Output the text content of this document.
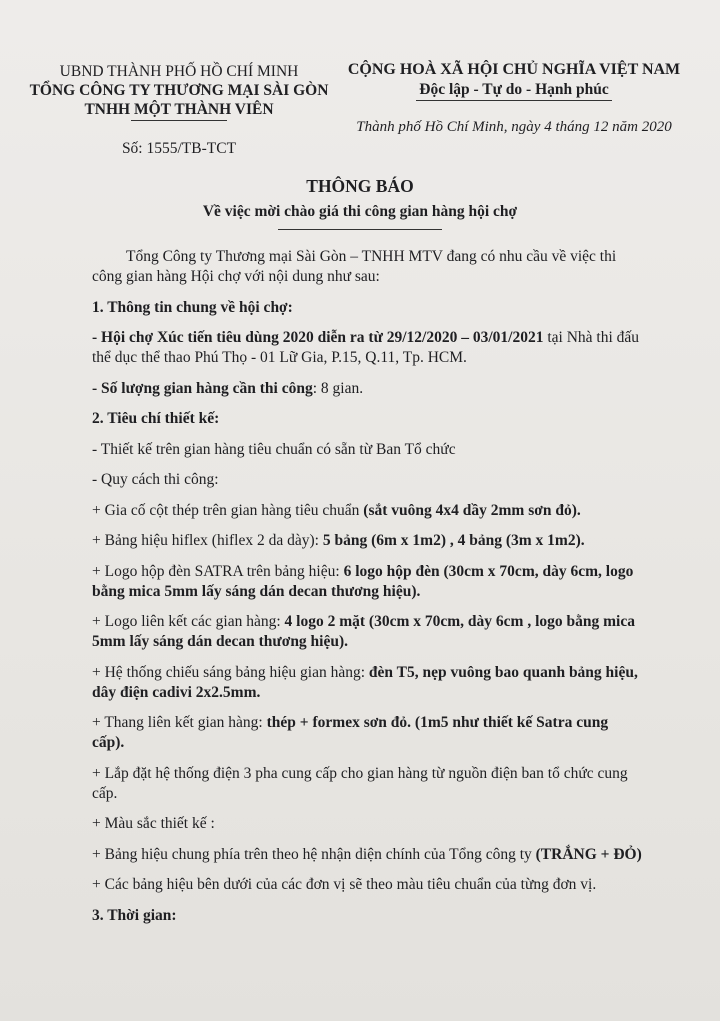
UBND THÀNH PHỐ HỒ CHÍ MINH
TỔNG CÔNG TY THƯƠNG MẠI SÀI GÒN
TNHH MỘT THÀNH VIÊN
Số: 1555/TB-TCT
CỘNG HOÀ XÃ HỘI CHỦ NGHĨA VIỆT NAM
Độc lập - Tự do - Hạnh phúc
Thành phố Hồ Chí Minh, ngày 4 tháng 12 năm 2020
THÔNG BÁO
Về việc mời chào giá thi công gian hàng hội chợ

Tổng Công ty Thương mại Sài Gòn – TNHH MTV đang có nhu cầu về việc thi công gian hàng Hội chợ với nội dung như sau:

1. Thông tin chung về hội chợ:

- Hội chợ Xúc tiến tiêu dùng 2020 diễn ra từ 29/12/2020 – 03/01/2021 tại Nhà thi đấu thể dục thể thao Phú Thọ - 01 Lữ Gia, P.15, Q.11, Tp. HCM.

- Số lượng gian hàng cần thi công: 8 gian.

2. Tiêu chí thiết kế:

- Thiết kế trên gian hàng tiêu chuẩn có sẵn từ Ban Tổ chức

- Quy cách thi công:

+ Gia cố cột thép trên gian hàng tiêu chuẩn (sắt vuông 4x4 dầy 2mm sơn đỏ).

+ Bảng hiệu hiflex (hiflex 2 da dày): 5 bảng (6m x 1m2) , 4 bảng (3m x 1m2).

+ Logo hộp đèn SATRA trên bảng hiệu: 6 logo hộp đèn (30cm x 70cm, dày 6cm, logo bằng mica 5mm lấy sáng dán decan thương hiệu).

+ Logo liên kết các gian hàng: 4 logo 2 mặt (30cm x 70cm, dày 6cm , logo bằng mica 5mm lấy sáng dán decan thương hiệu).

+ Hệ thống chiếu sáng bảng hiệu gian hàng: đèn T5, nẹp vuông bao quanh bảng hiệu, dây điện cadivi 2x2.5mm.

+ Thang liên kết gian hàng: thép + formex sơn đỏ. (1m5 như thiết kế Satra cung cấp).

+ Lắp đặt hệ thống điện 3 pha cung cấp cho gian hàng từ nguồn điện ban tổ chức cung cấp.

+ Màu sắc thiết kế :

+ Bảng hiệu chung phía trên theo hệ nhận diện chính của Tổng công ty (TRẮNG + ĐỎ)

+ Các bảng hiệu bên dưới của các đơn vị sẽ theo màu tiêu chuẩn của từng đơn vị.

3. Thời gian:
